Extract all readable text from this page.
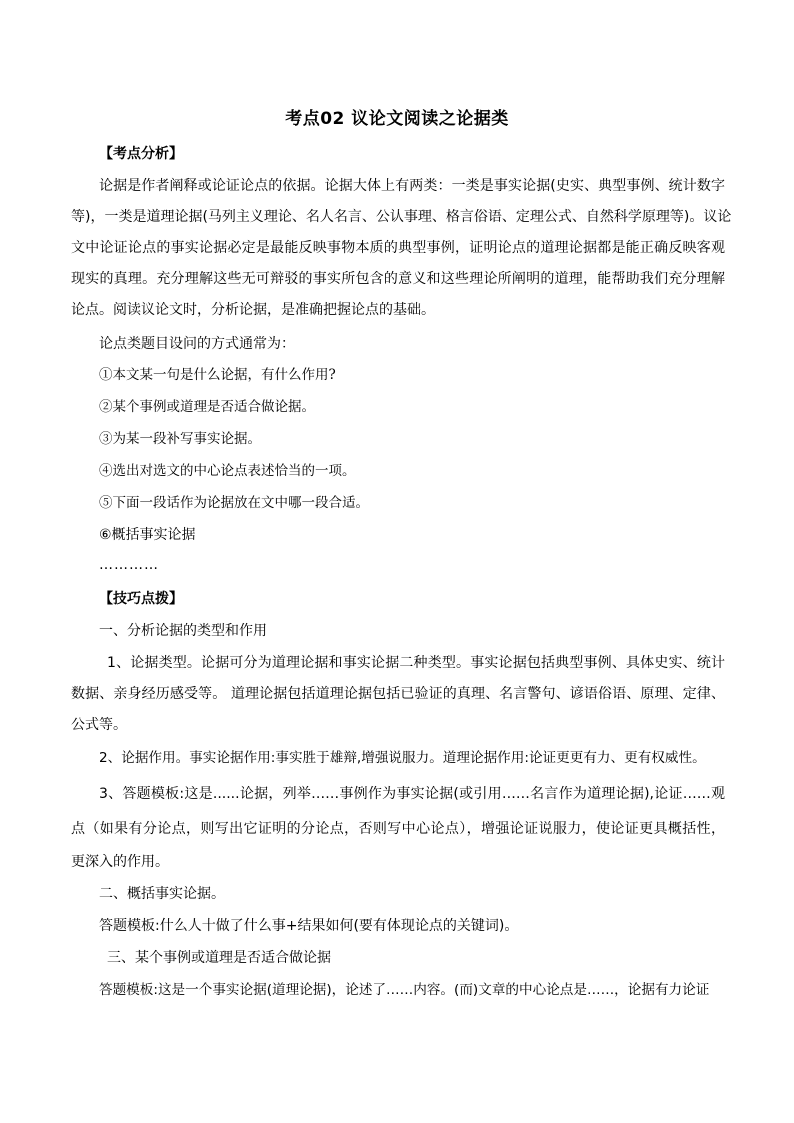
考点02 议论文阅读之论据类
【考点分析】
论据是作者阐释或论证论点的依据。论据大体上有两类：一类是事实论据(史实、典型事例、统计数字
等)，一类是道理论据(马列主义理论、名人名言、公认事理、格言俗语、定理公式、自然科学原理等)。议论
文中论证论点的事实论据必定是最能反映事物本质的典型事例，证明论点的道理论据都是能正确反映客观
现实的真理。充分理解这些无可辩驳的事实所包含的意义和这些理论所阐明的道理，能帮助我们充分理解
论点。阅读议论文时，分析论据，是准确把握论点的基础。
论点类题目设问的方式通常为：
①本文某一句是什么论据，有什么作用?
②某个事例或道理是否适合做论据。
③为某一段补写事实论据。
④选出对选文的中心论点表述恰当的一项。
⑤下面一段话作为论据放在文中哪一段合适。
⑥概括事实论据
…………
【技巧点拨】
一、分析论据的类型和作用
1、论据类型。论据可分为道理论据和事实论据二种类型。事实论据包括典型事例、具体史实、统计
数据、亲身经历感受等。 道理论据包括道理论据包括已验证的真理、名言警句、谚语俗语、原理、定律、
公式等。
2、论据作用。事实论据作用:事实胜于雄辩,增强说服力。道理论据作用:论证更更有力、更有权威性。
3、答题模板:这是......论据，列举……事例作为事实论据(或引用……名言作为道理论据),论证……观
点（如果有分论点，则写出它证明的分论点，否则写中心论点），增强论证说服力，使论证更具概括性，
更深入的作用。
二、概括事实论据。
答题模板:什么人十做了什么事+结果如何(要有体现论点的关键词)。
三、某个事例或道理是否适合做论据
答题模板:这是一个事实论据(道理论据)，论述了……内容。(而)文章的中心论点是……，论据有力论证
